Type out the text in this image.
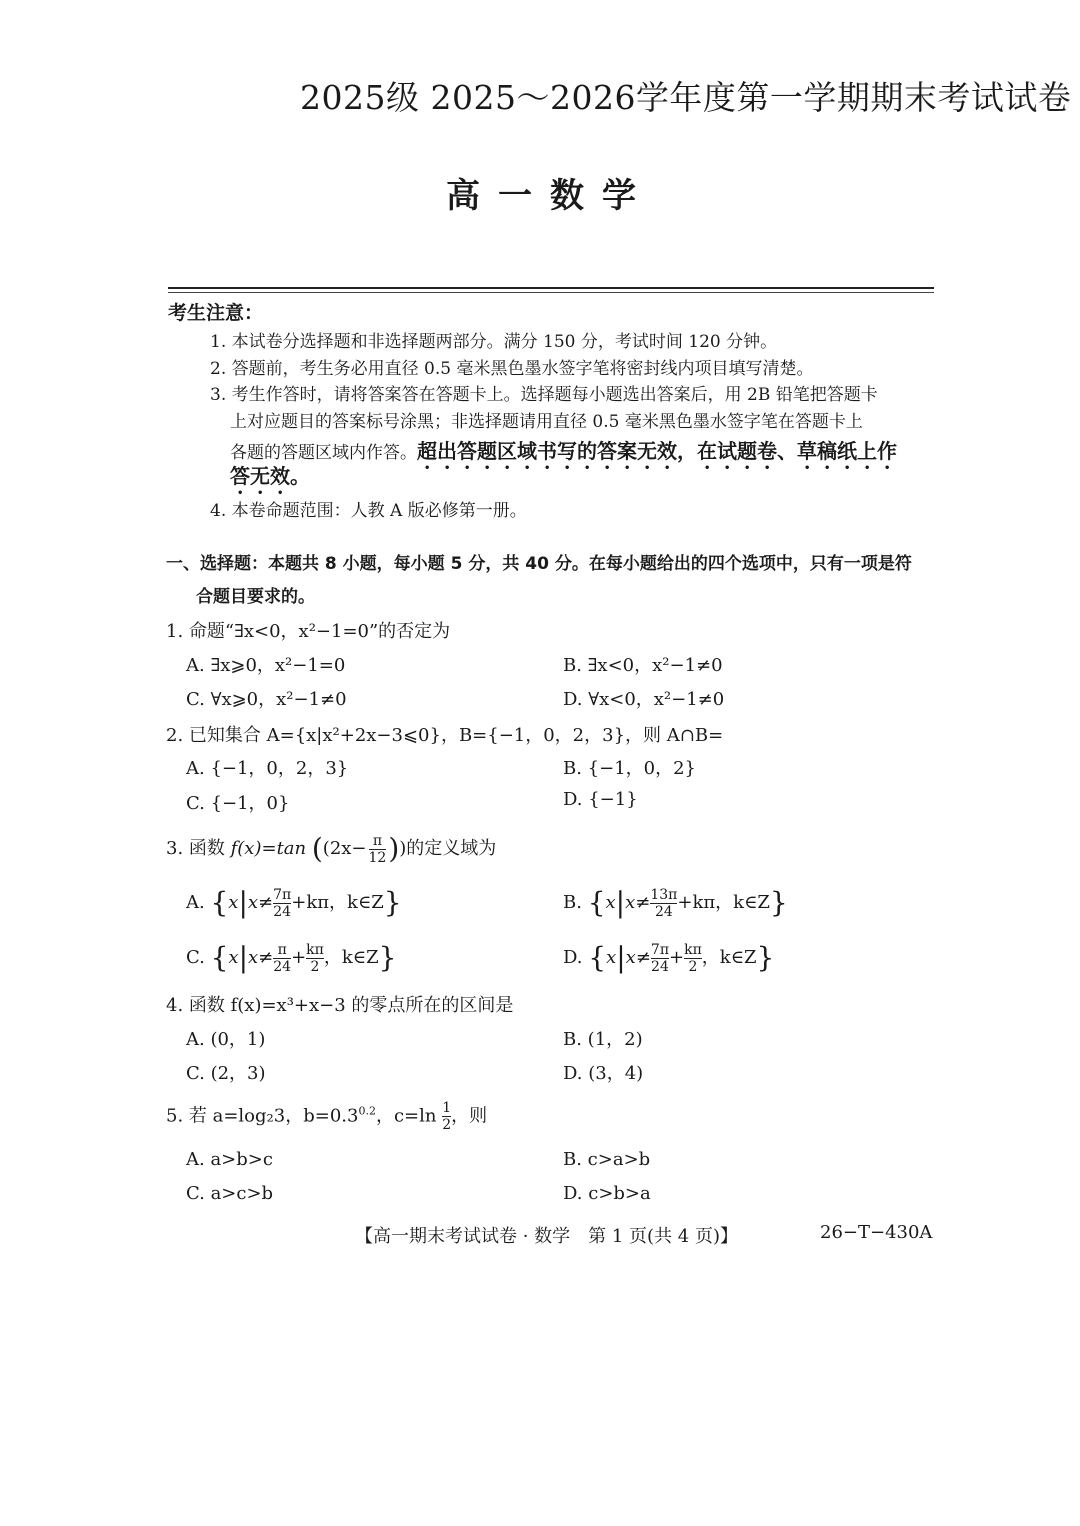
2025级 2025～2026学年度第一学期期末考试试卷
高一数学
考生注意：
1. 本试卷分选择题和非选择题两部分。满分 150 分，考试时间 120 分钟。
2. 答题前，考生务必用直径 0.5 毫米黑色墨水签字笔将密封线内项目填写清楚。
3. 考生作答时，请将答案答在答题卡上。选择题每小题选出答案后，用 2B 铅笔把答题卡
上对应题目的答案标号涂黑；非选择题请用直径 0.5 毫米黑色墨水签字笔在答题卡上
各题的答题区域内作答。超出答题区域书写的答案无效，在试题卷、草稿纸上作
答无效。
4. 本卷命题范围：人教 A 版必修第一册。
一、选择题：本题共 8 小题，每小题 5 分，共 40 分。在每小题给出的四个选项中，只有一项是符
合题目要求的。
1. 命题“∃x<0，x²−1=0”的否定为
A. ∃x⩾0，x²−1=0	B. ∃x<0，x²−1≠0
C. ∀x⩾0，x²−1≠0	D. ∀x<0，x²−1≠0
2. 已知集合 A={x|x²+2x−3⩽0}，B={−1，0，2，3}，则 A∩B=
A. {−1，0，2，3}	B. {−1，0，2}
C. {−1，0}	D. {−1}
3. 函数 f(x)=tan (($2x- \frac{\pi}{12}$ ))的定义域为
A. {$x|x\ne \frac{7\pi}{24} +k\pi$，k∈Z}	B. {$x|x\ne \frac{13\pi}{24} +k\pi$，k∈Z}
C. {$x|x\ne \frac{\pi}{24} + \frac{k\pi}{2}$ ，k∈Z}	D. {$x|x\ne \frac{7\pi}{24} + \frac{k\pi}{2}$ ，k∈Z}
4. 函数 f(x)=x³+x−3 的零点所在的区间是
A. (0，1)	B. (1，2)
C. (2，3)	D. (3，4)
5. 若 a=log₂3，$b=0.3^{0.2}$，$c=\ln \frac{1}{2}$ ，则
A. a>b>c	B. c>a>b
C. a>c>b	D. c>b>a
【高一期末考试试卷 · 数学　第 1 页(共 4 页)】	26−T−430A
